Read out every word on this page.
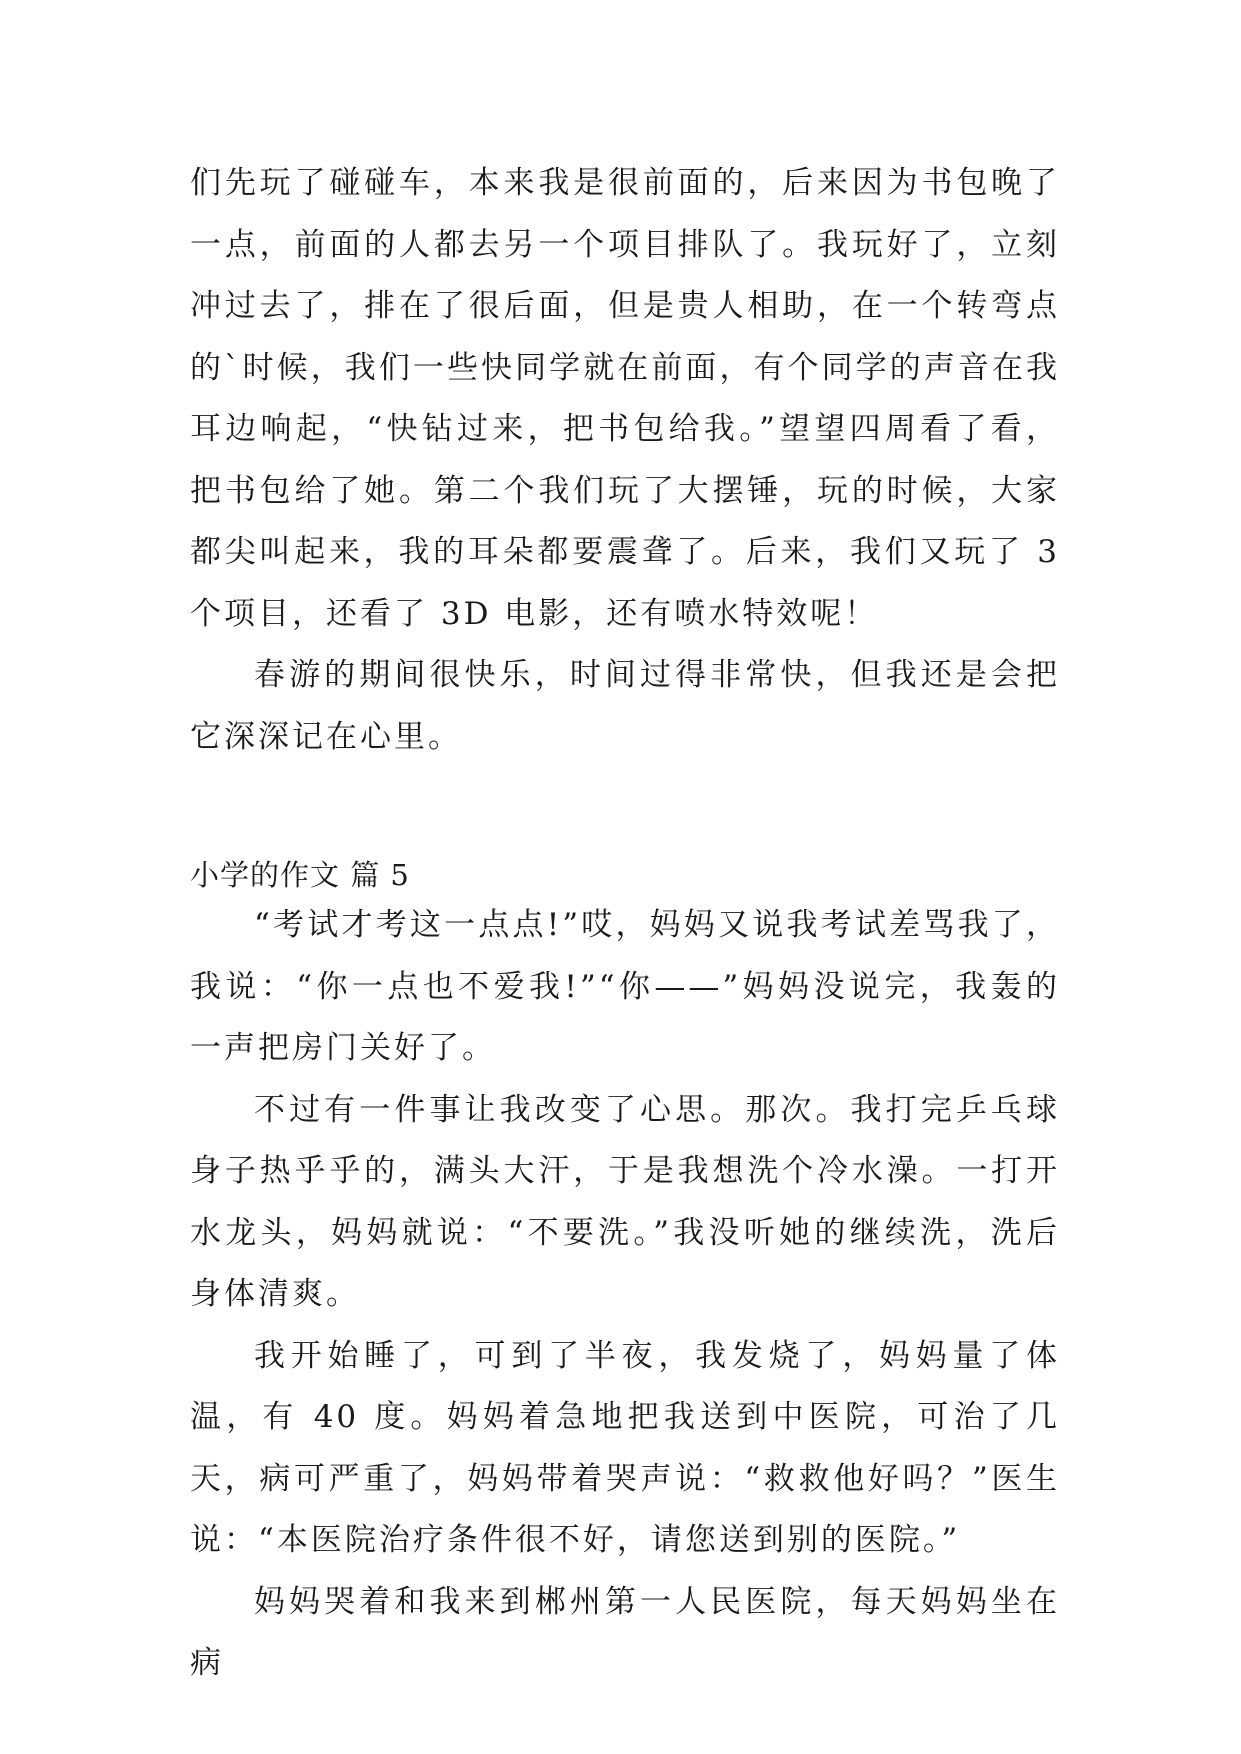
们先玩了碰碰车，本来我是很前面的，后来因为书包晚了一点，前面的人都去另一个项目排队了。我玩好了，立刻冲过去了，排在了很后面，但是贵人相助，在一个转弯点的`时候，我们一些快同学就在前面，有个同学的声音在我耳边响起，“快钻过来，把书包给我。”望望四周看了看，把书包给了她。第二个我们玩了大摆锤，玩的时候，大家都尖叫起来，我的耳朵都要震聋了。后来，我们又玩了 3 个项目，还看了 3D 电影，还有喷水特效呢！

春游的期间很快乐，时间过得非常快，但我还是会把它深深记在心里。

小学的作文 篇 5

“考试才考这一点点!”哎，妈妈又说我考试差骂我了，我说：“你一点也不爱我!”“你——”妈妈没说完，我轰的一声把房门关好了。

不过有一件事让我改变了心思。那次。我打完乒乓球身子热乎乎的，满头大汗，于是我想洗个冷水澡。一打开水龙头，妈妈就说：“不要洗。”我没听她的继续洗，洗后身体清爽。

我开始睡了，可到了半夜，我发烧了，妈妈量了体温，有 40 度。妈妈着急地把我送到中医院，可治了几天，病可严重了，妈妈带着哭声说：“救救他好吗？”医生说：“本医院治疗条件很不好，请您送到别的医院。”

妈妈哭着和我来到郴州第一人民医院，每天妈妈坐在病
